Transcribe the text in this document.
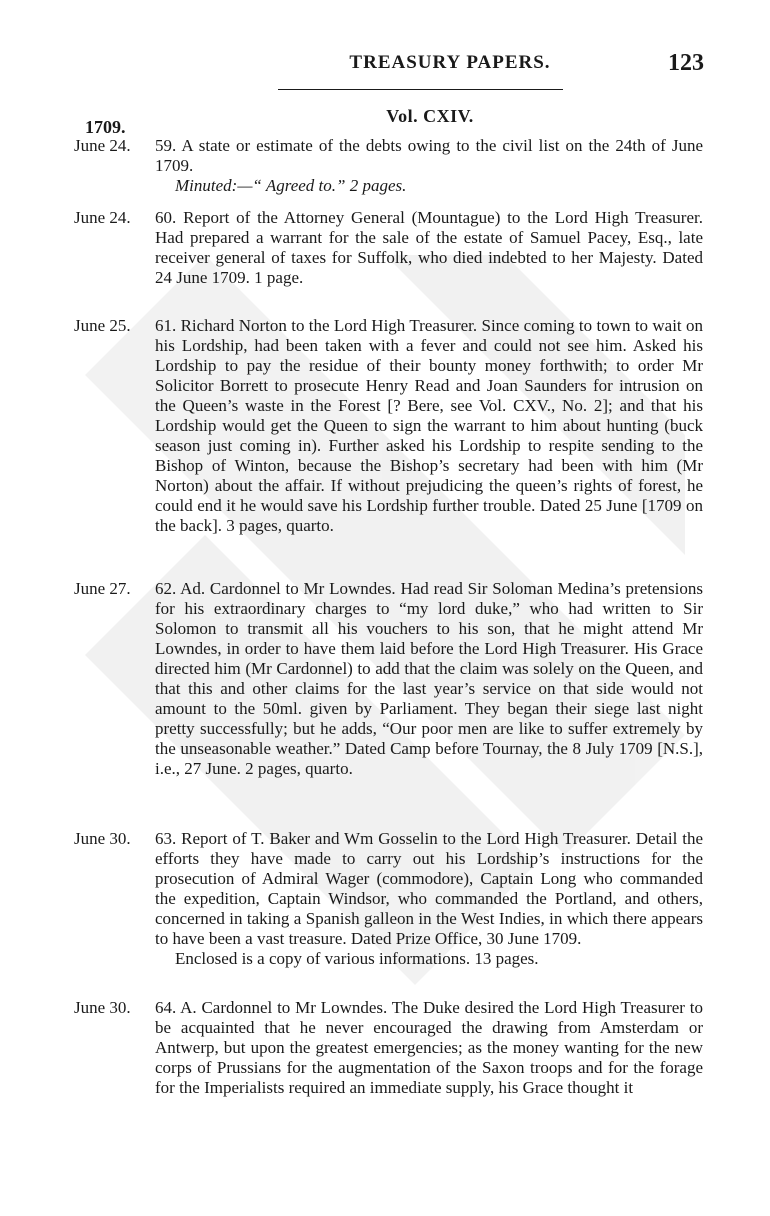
TREASURY PAPERS.	123
1709.
Vol. CXIV.
June 24.	59. A state or estimate of the debts owing to the civil list on the 24th of June 1709.
Minuted:—“ Agreed to.” 2 pages.
June 24.	60. Report of the Attorney General (Mountague) to the Lord High Treasurer. Had prepared a warrant for the sale of the estate of Samuel Pacey, Esq., late receiver general of taxes for Suffolk, who died indebted to her Majesty. Dated 24 June 1709. 1 page.
June 25.	61. Richard Norton to the Lord High Treasurer. Since coming to town to wait on his Lordship, had been taken with a fever and could not see him. Asked his Lordship to pay the residue of their bounty money forthwith; to order Mr Solicitor Borrett to prosecute Henry Read and Joan Saunders for intrusion on the Queen’s waste in the Forest [? Bere, see Vol. CXV., No. 2]; and that his Lordship would get the Queen to sign the warrant to him about hunting (buck season just coming in). Further asked his Lordship to respite sending to the Bishop of Winton, because the Bishop’s secretary had been with him (Mr Norton) about the affair. If without prejudicing the queen’s rights of forest, he could end it he would save his Lordship further trouble. Dated 25 June [1709 on the back]. 3 pages, quarto.
June 27.	62. Ad. Cardonnel to Mr Lowndes. Had read Sir Soloman Medina’s pretensions for his extraordinary charges to “my lord duke,” who had written to Sir Solomon to transmit all his vouchers to his son, that he might attend Mr Lowndes, in order to have them laid before the Lord High Treasurer. His Grace directed him (Mr Cardonnel) to add that the claim was solely on the Queen, and that this and other claims for the last year’s service on that side would not amount to the 50ml. given by Parliament. They began their siege last night pretty successfully; but he adds, “Our poor men are like to suffer extremely by the unseasonable weather.” Dated Camp before Tournay, the 8 July 1709 [N.S.], i.e., 27 June. 2 pages, quarto.
June 30.	63. Report of T. Baker and Wm Gosselin to the Lord High Treasurer. Detail the efforts they have made to carry out his Lordship’s instructions for the prosecution of Admiral Wager (commodore), Captain Long who commanded the expedition, Captain Windsor, who commanded the Portland, and others, concerned in taking a Spanish galleon in the West Indies, in which there appears to have been a vast treasure. Dated Prize Office, 30 June 1709.
Enclosed is a copy of various informations. 13 pages.
June 30.	64. A. Cardonnel to Mr Lowndes. The Duke desired the Lord High Treasurer to be acquainted that he never encouraged the drawing from Amsterdam or Antwerp, but upon the greatest emergencies; as the money wanting for the new corps of Prussians for the augmentation of the Saxon troops and for the forage for the Imperialists required an immediate supply, his Grace thought it
